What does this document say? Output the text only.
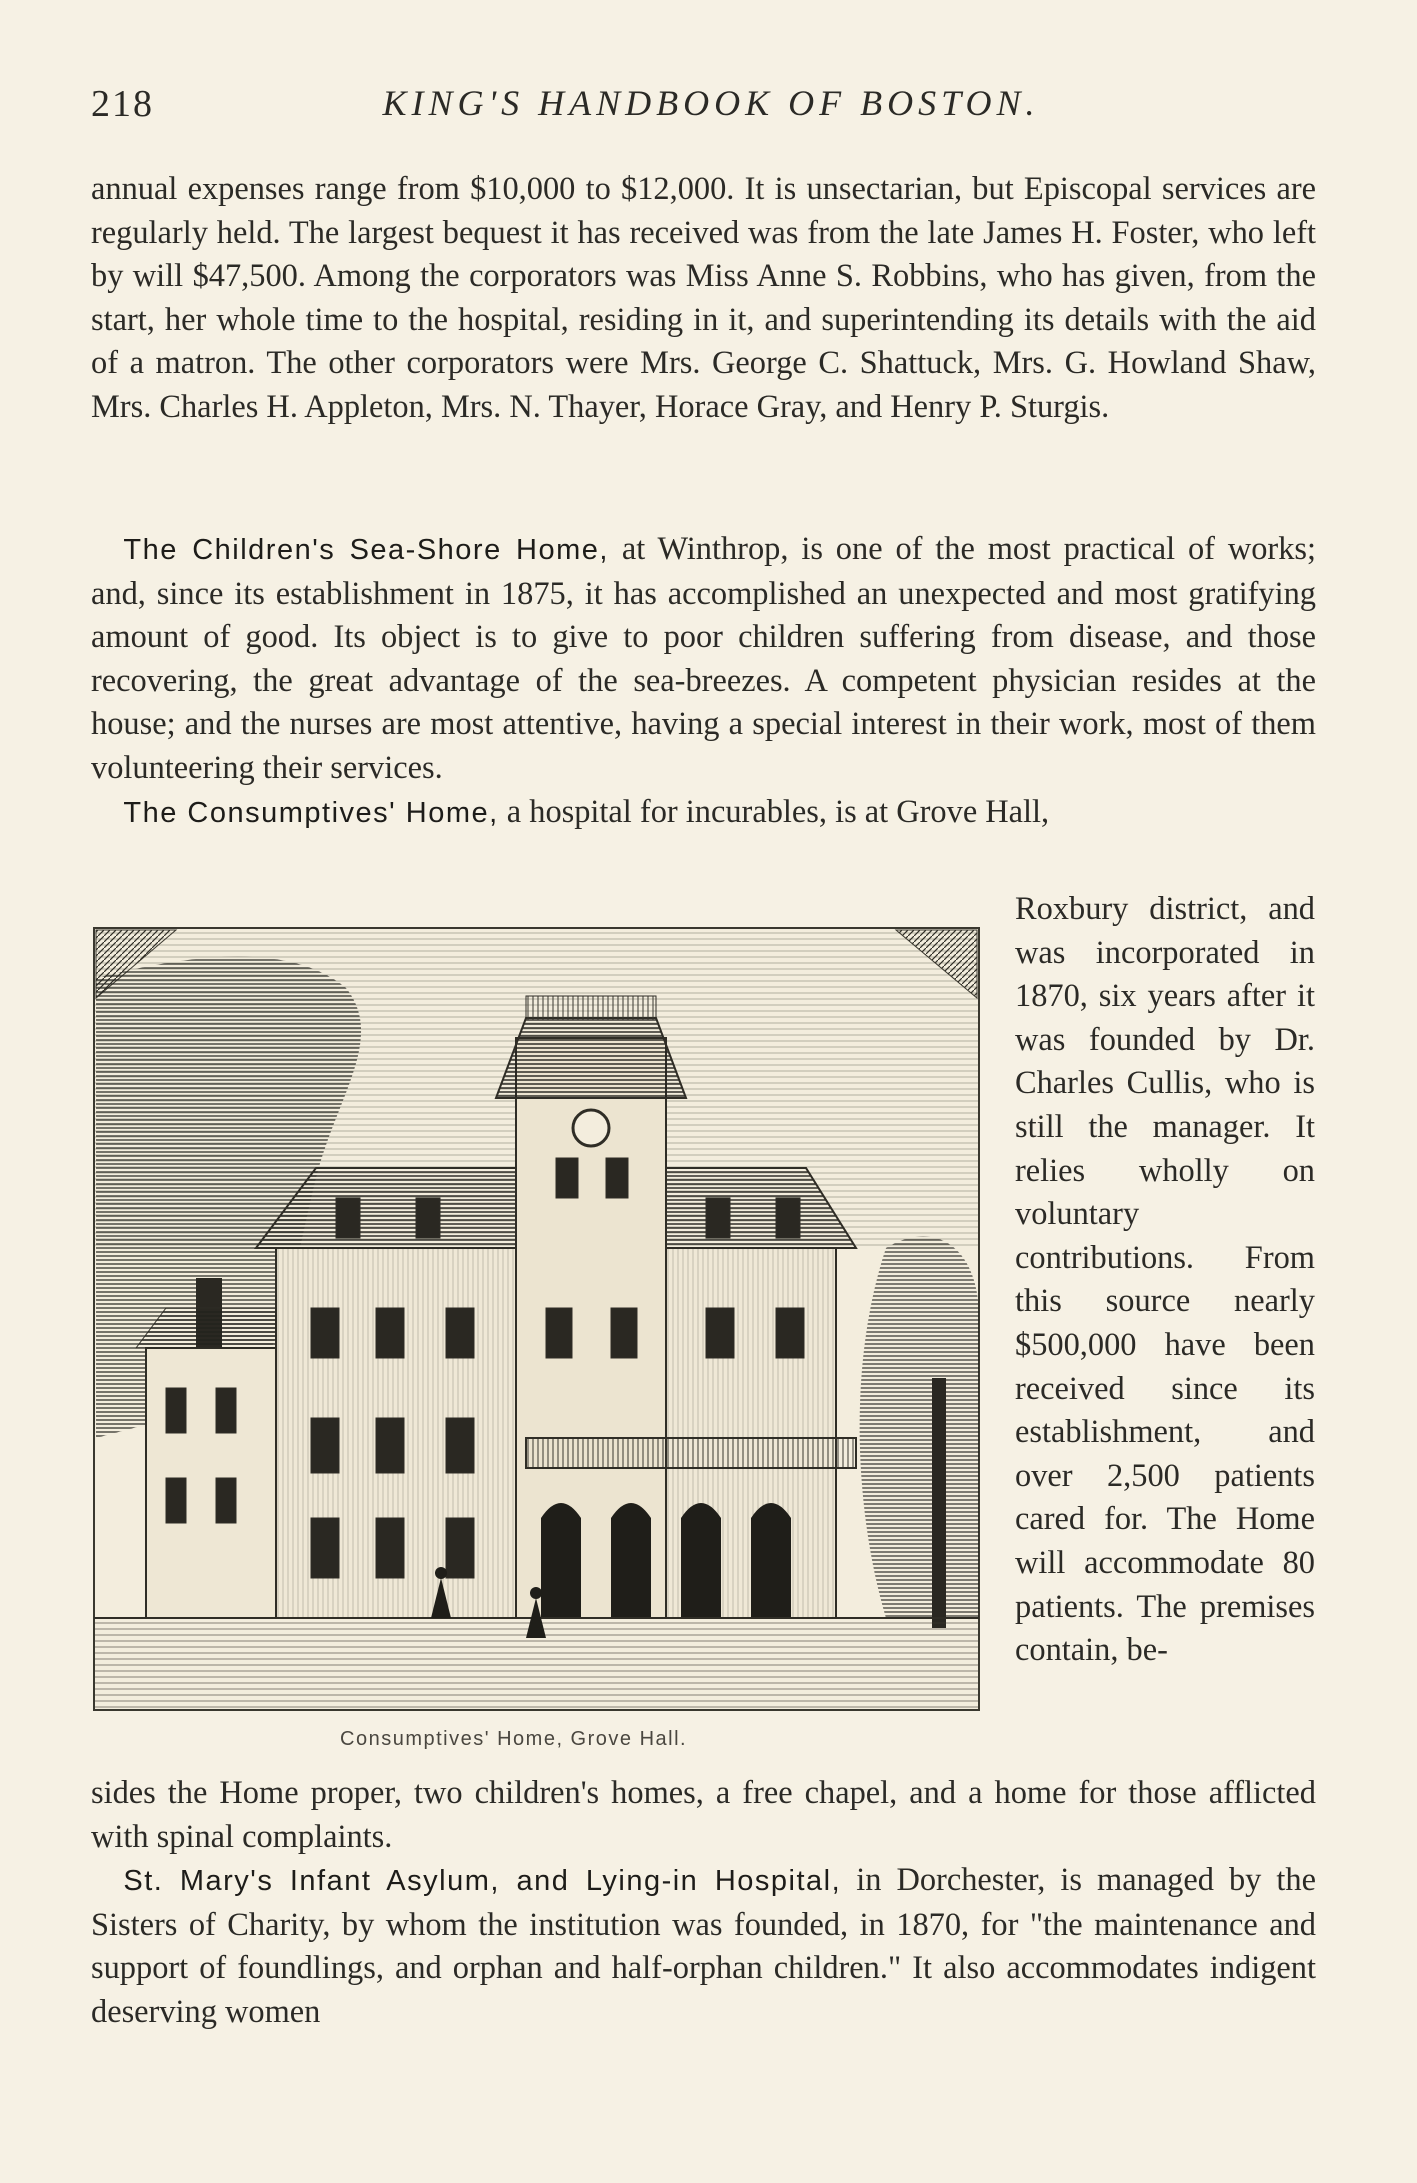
218	KING'S HANDBOOK OF BOSTON.

annual expenses range from $10,000 to $12,000. It is unsectarian, but Episcopal services are regularly held. The largest bequest it has received was from the late James H. Foster, who left by will $47,500. Among the corporators was Miss Anne S. Robbins, who has given, from the start, her whole time to the hospital, residing in it, and superintending its details with the aid of a matron. The other corporators were Mrs. George C. Shattuck, Mrs. G. Howland Shaw, Mrs. Charles H. Appleton, Mrs. N. Thayer, Horace Gray, and Henry P. Sturgis.

 The Children's Sea-Shore Home, at Winthrop, is one of the most practical of works; and, since its establishment in 1875, it has accomplished an unexpected and most gratifying amount of good. Its object is to give to poor children suffering from disease, and those recovering, the great advantage of the sea-breezes. A competent physician resides at the house; and the nurses are most attentive, having a special interest in their work, most of them volunteering their services.

 The Consumptives' Home, a hospital for incurables, is at Grove Hall,

Consumptives' Home, Grove Hall.

Roxbury district, and was incorporated in 1870, six years after it was founded by Dr. Charles Cullis, who is still the manager. It relies wholly on voluntary contributions. From this source nearly $500,000 have been received since its establishment, and over 2,500 patients cared for. The Home will accommodate 80 patients. The premises contain, be-

sides the Home proper, two children's homes, a free chapel, and a home for those afflicted with spinal complaints.

 St. Mary's Infant Asylum, and Lying-in Hospital, in Dorchester, is managed by the Sisters of Charity, by whom the institution was founded, in 1870, for "the maintenance and support of foundlings, and orphan and half-orphan children." It also accommodates indigent deserving women
